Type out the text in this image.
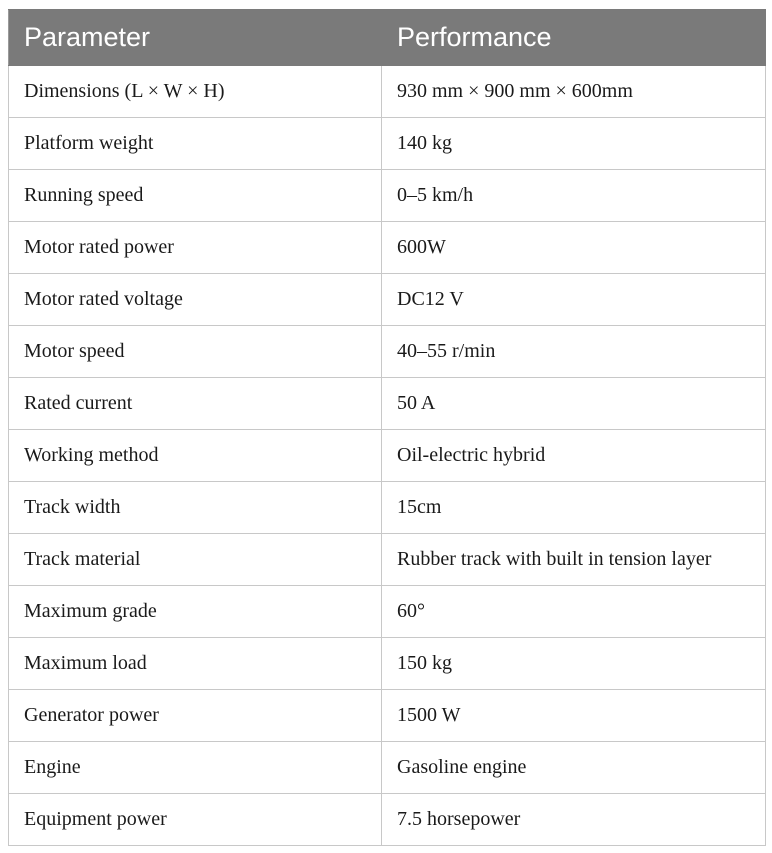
Parameter	Performance
Dimensions (L × W × H)	930 mm × 900 mm × 600mm
Platform weight	140 kg
Running speed	0–5 km/h
Motor rated power	600W
Motor rated voltage	DC12 V
Motor speed	40–55 r/min
Rated current	50 A
Working method	Oil-electric hybrid
Track width	15cm
Track material	Rubber track with built in tension layer
Maximum grade	60°
Maximum load	150 kg
Generator power	1500 W
Engine	Gasoline engine
Equipment power	7.5 horsepower
